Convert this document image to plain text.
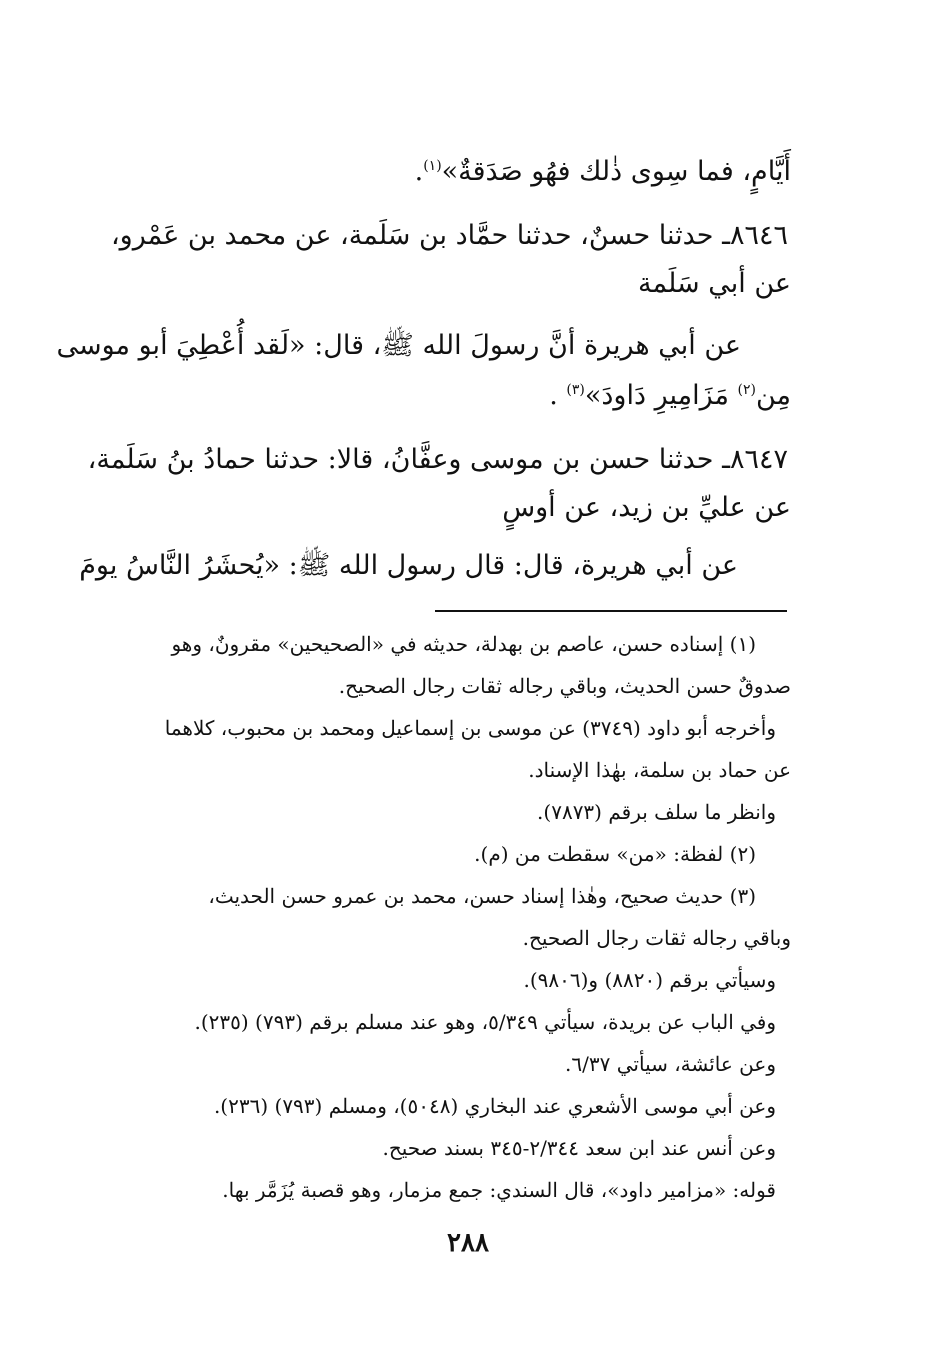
أَيَّامٍ، فما سِوى ذٰلك فهُو صَدَقةٌ»$^{(١)}$.
٨٦٤٦ـ حدثنا حسنٌ، حدثنا حمَّاد بن سَلَمة، عن محمد بن عَمْرو،
عن أبي سَلَمة
عن أبي هريرة أنَّ رسولَ الله ﷺ، قال: «لَقد أُعْطِيَ أبو موسى
مِن$^{(٢)}$ مَزَامِيرِ دَاودَ»$^{(٣)}$ .
٨٦٤٧ـ حدثنا حسن بن موسى وعفَّانُ، قالا: حدثنا حمادُ بنُ سَلَمة،
عن عليِّ بن زيد، عن أوسٍ
عن أبي هريرة، قال: قال رسول الله ﷺ: «يُحشَرُ النَّاسُ يومَ
(١) إسناده حسن، عاصم بن بهدلة، حديثه في «الصحيحين» مقرونٌ، وهو
صدوقٌ حسن الحديث، وباقي رجاله ثقات رجال الصحيح.
وأخرجه أبو داود (٣٧٤٩) عن موسى بن إسماعيل ومحمد بن محبوب، كلاهما
عن حماد بن سلمة، بهٰذا الإسناد.
وانظر ما سلف برقم (٧٨٧٣).
(٢) لفظة: «من» سقطت من (م).
(٣) حديث صحيح، وهٰذا إسناد حسن، محمد بن عمرو حسن الحديث،
وباقي رجاله ثقات رجال الصحيح.
وسيأتي برقم (٨٨٢٠) و(٩٨٠٦).
وفي الباب عن بريدة، سيأتي ٥/٣٤٩، وهو عند مسلم برقم (٧٩٣) (٢٣٥).
وعن عائشة، سيأتي ٦/٣٧.
وعن أبي موسى الأشعري عند البخاري (٥٠٤٨)، ومسلم (٧٩٣) (٢٣٦).
وعن أنس عند ابن سعد ٢/٣٤٤-٣٤٥ بسند صحيح.
قوله: «مزامير داود»، قال السندي: جمع مزمار، وهو قصبة يُزَمَّر بها.
٢٨٨
